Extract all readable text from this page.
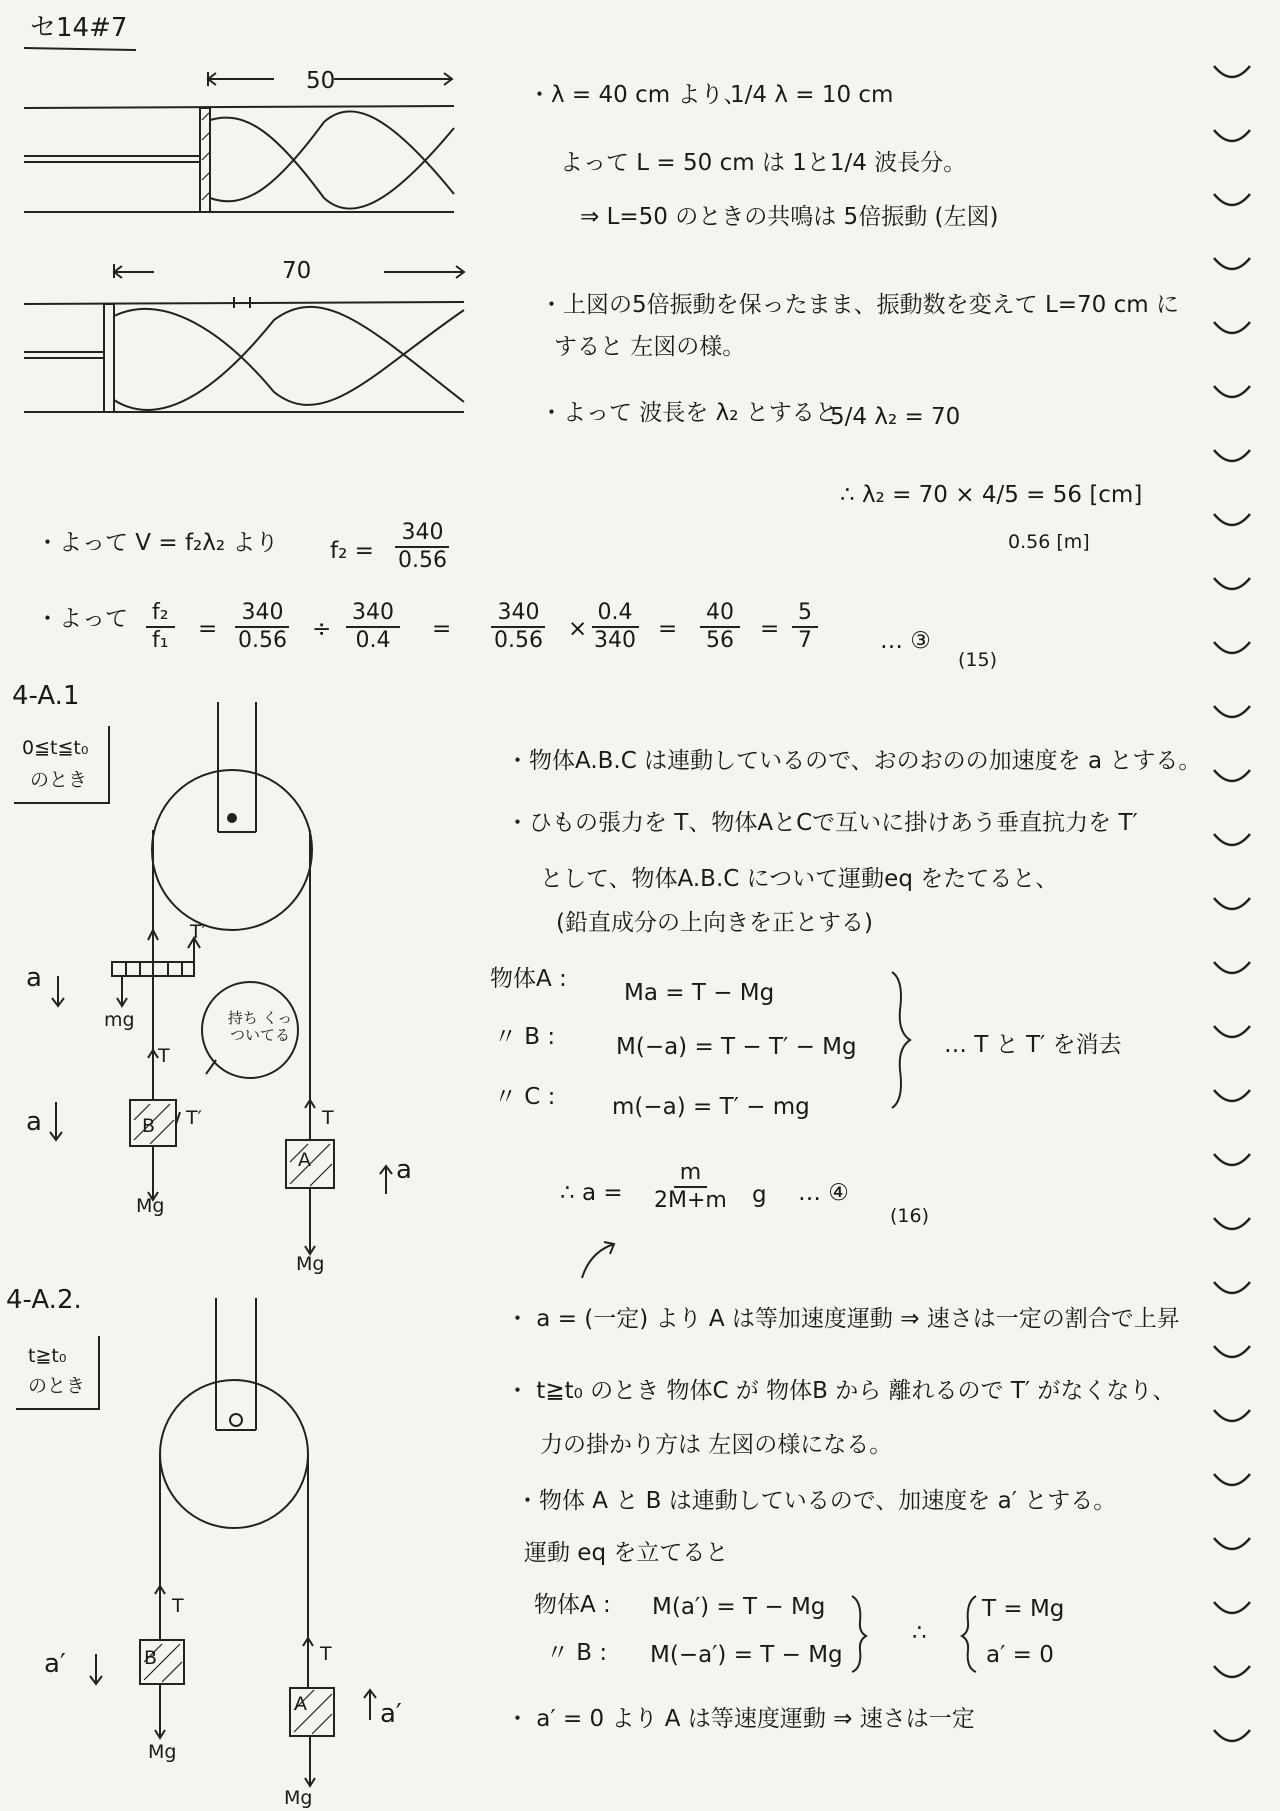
セ14#7
50
70
・λ = 40 cm より、
1/4 λ = 10 cm
よって L = 50 cm は 1と1/4 波長分。
⇒ L=50 のときの共鳴は 5倍振動 (左図)
・上図の5倍振動を保ったまま、振動数を変えて L=70 cm に
すると 左図の様。
・よって 波長を λ₂ とすると
5/4 λ₂ = 70
∴ λ₂ = 70 × 4/5 = 56 [cm]
0.56 [m]
・よって V = f₂λ₂ より $f_2 = \frac{340}{0.56}$
・よって $\frac{\text{f₂}}{\text{f₁}} = \frac{340}{0.56} \div \frac{340}{0.4} = \frac{340}{0.56} \times \frac{0.4}{340} = \frac{40}{56} = \frac{5}{7}$	… ③
(15)
4-A.1
0≦t≦t₀
のとき
a
a
a
mg
T
T′
T′	T
B
A
Mg
Mg
持ち くっついてる
・物体A.B.C は連動しているので、おのおのの加速度を a とする。
・ひもの張力を T、物体AとCで互いに掛けあう垂直抗力を T′
として、物体A.B.C について運動eq をたてると、
(鉛直成分の上向きを正とする)
物体A :
Ma = T − Mg
〃 B :	M(−a) = T − T′ − Mg
〃 C : m(−a) = T′ − mg
… T と T′ を消去
∴ $a = \frac{m}{2M+m}$ g … ④
(16)
4-A.2.
t≧t₀
のとき
a′
a′
T
T
B
A
Mg
Mg
・ a = (一定) より A は等加速度運動 ⇒ 速さは一定の割合で上昇
・ t≧t₀ のとき 物体C が 物体B から 離れるので T′ がなくなり、
力の掛かり方は 左図の様になる。
・物体 A と B は連動しているので、加速度を a′ とする。
運動 eq を立てると
物体A : M(a′) = T − Mg
〃 B : M(−a′) = T − Mg
∴
T = Mg
a′ = 0
・ a′ = 0 より A は等速度運動 ⇒ 速さは一定
